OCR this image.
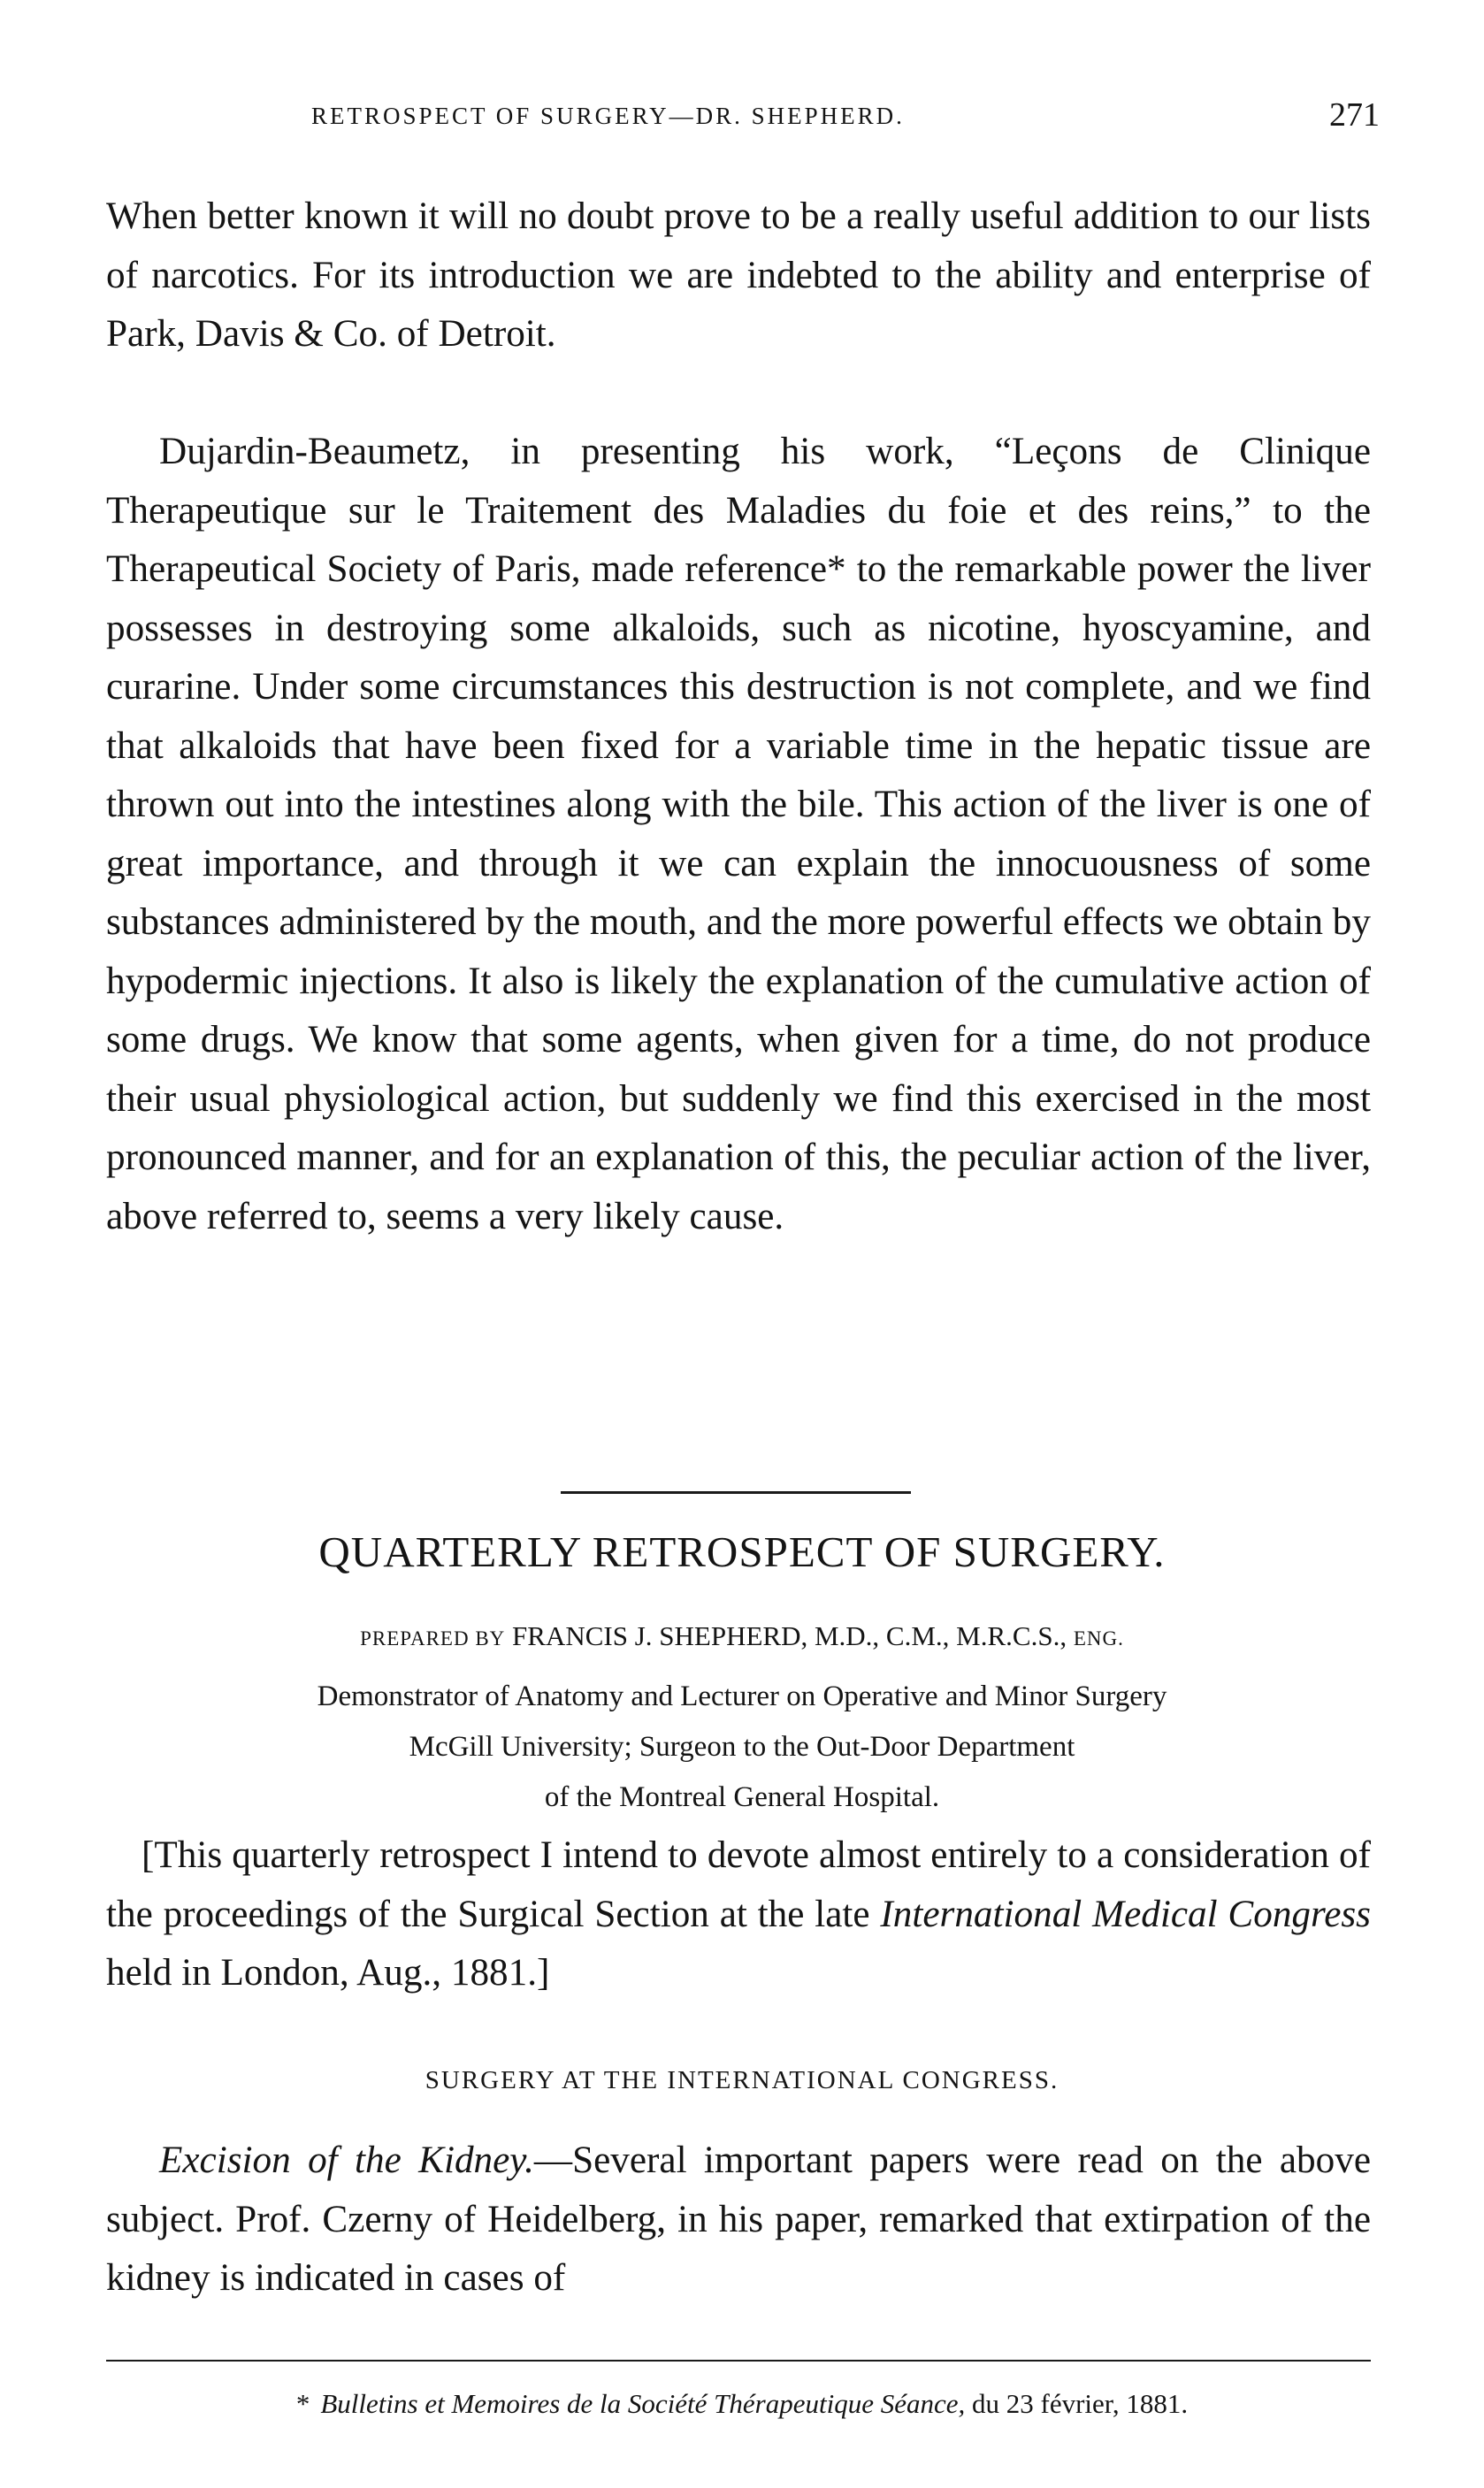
RETROSPECT OF SURGERY—DR. SHEPHERD.	271

When better known it will no doubt prove to be a really useful addition to our lists of narcotics. For its introduction we are indebted to the ability and enterprise of Park, Davis & Co. of Detroit.

Dujardin-Beaumetz, in presenting his work, “Leçons de Clinique Therapeutique sur le Traitement des Maladies du foie et des reins,” to the Therapeutical Society of Paris, made reference* to the remarkable power the liver possesses in destroying some alkaloids, such as nicotine, hyoscyamine, and curarine. Under some circumstances this destruction is not complete, and we find that alkaloids that have been fixed for a variable time in the hepatic tissue are thrown out into the intestines along with the bile. This action of the liver is one of great importance, and through it we can explain the innocuousness of some substances administered by the mouth, and the more powerful effects we obtain by hypodermic injections. It also is likely the explanation of the cumulative action of some drugs. We know that some agents, when given for a time, do not produce their usual physiological action, but suddenly we find this exercised in the most pronounced manner, and for an explanation of this, the peculiar action of the liver, above referred to, seems a very likely cause.

QUARTERLY RETROSPECT OF SURGERY.
PREPARED BY FRANCIS J. SHEPHERD, M.D., C.M., M.R.C.S., ENG.
Demonstrator of Anatomy and Lecturer on Operative and Minor Surgery
McGill University; Surgeon to the Out-Door Department
of the Montreal General Hospital.

[This quarterly retrospect I intend to devote almost entirely to a consideration of the proceedings of the Surgical Section at the late International Medical Congress held in London, Aug., 1881.]

SURGERY AT THE INTERNATIONAL CONGRESS.

Excision of the Kidney.—Several important papers were read on the above subject. Prof. Czerny of Heidelberg, in his paper, remarked that extirpation of the kidney is indicated in cases of

* Bulletins et Memoires de la Société Thérapeutique Séance, du 23 février, 1881.
